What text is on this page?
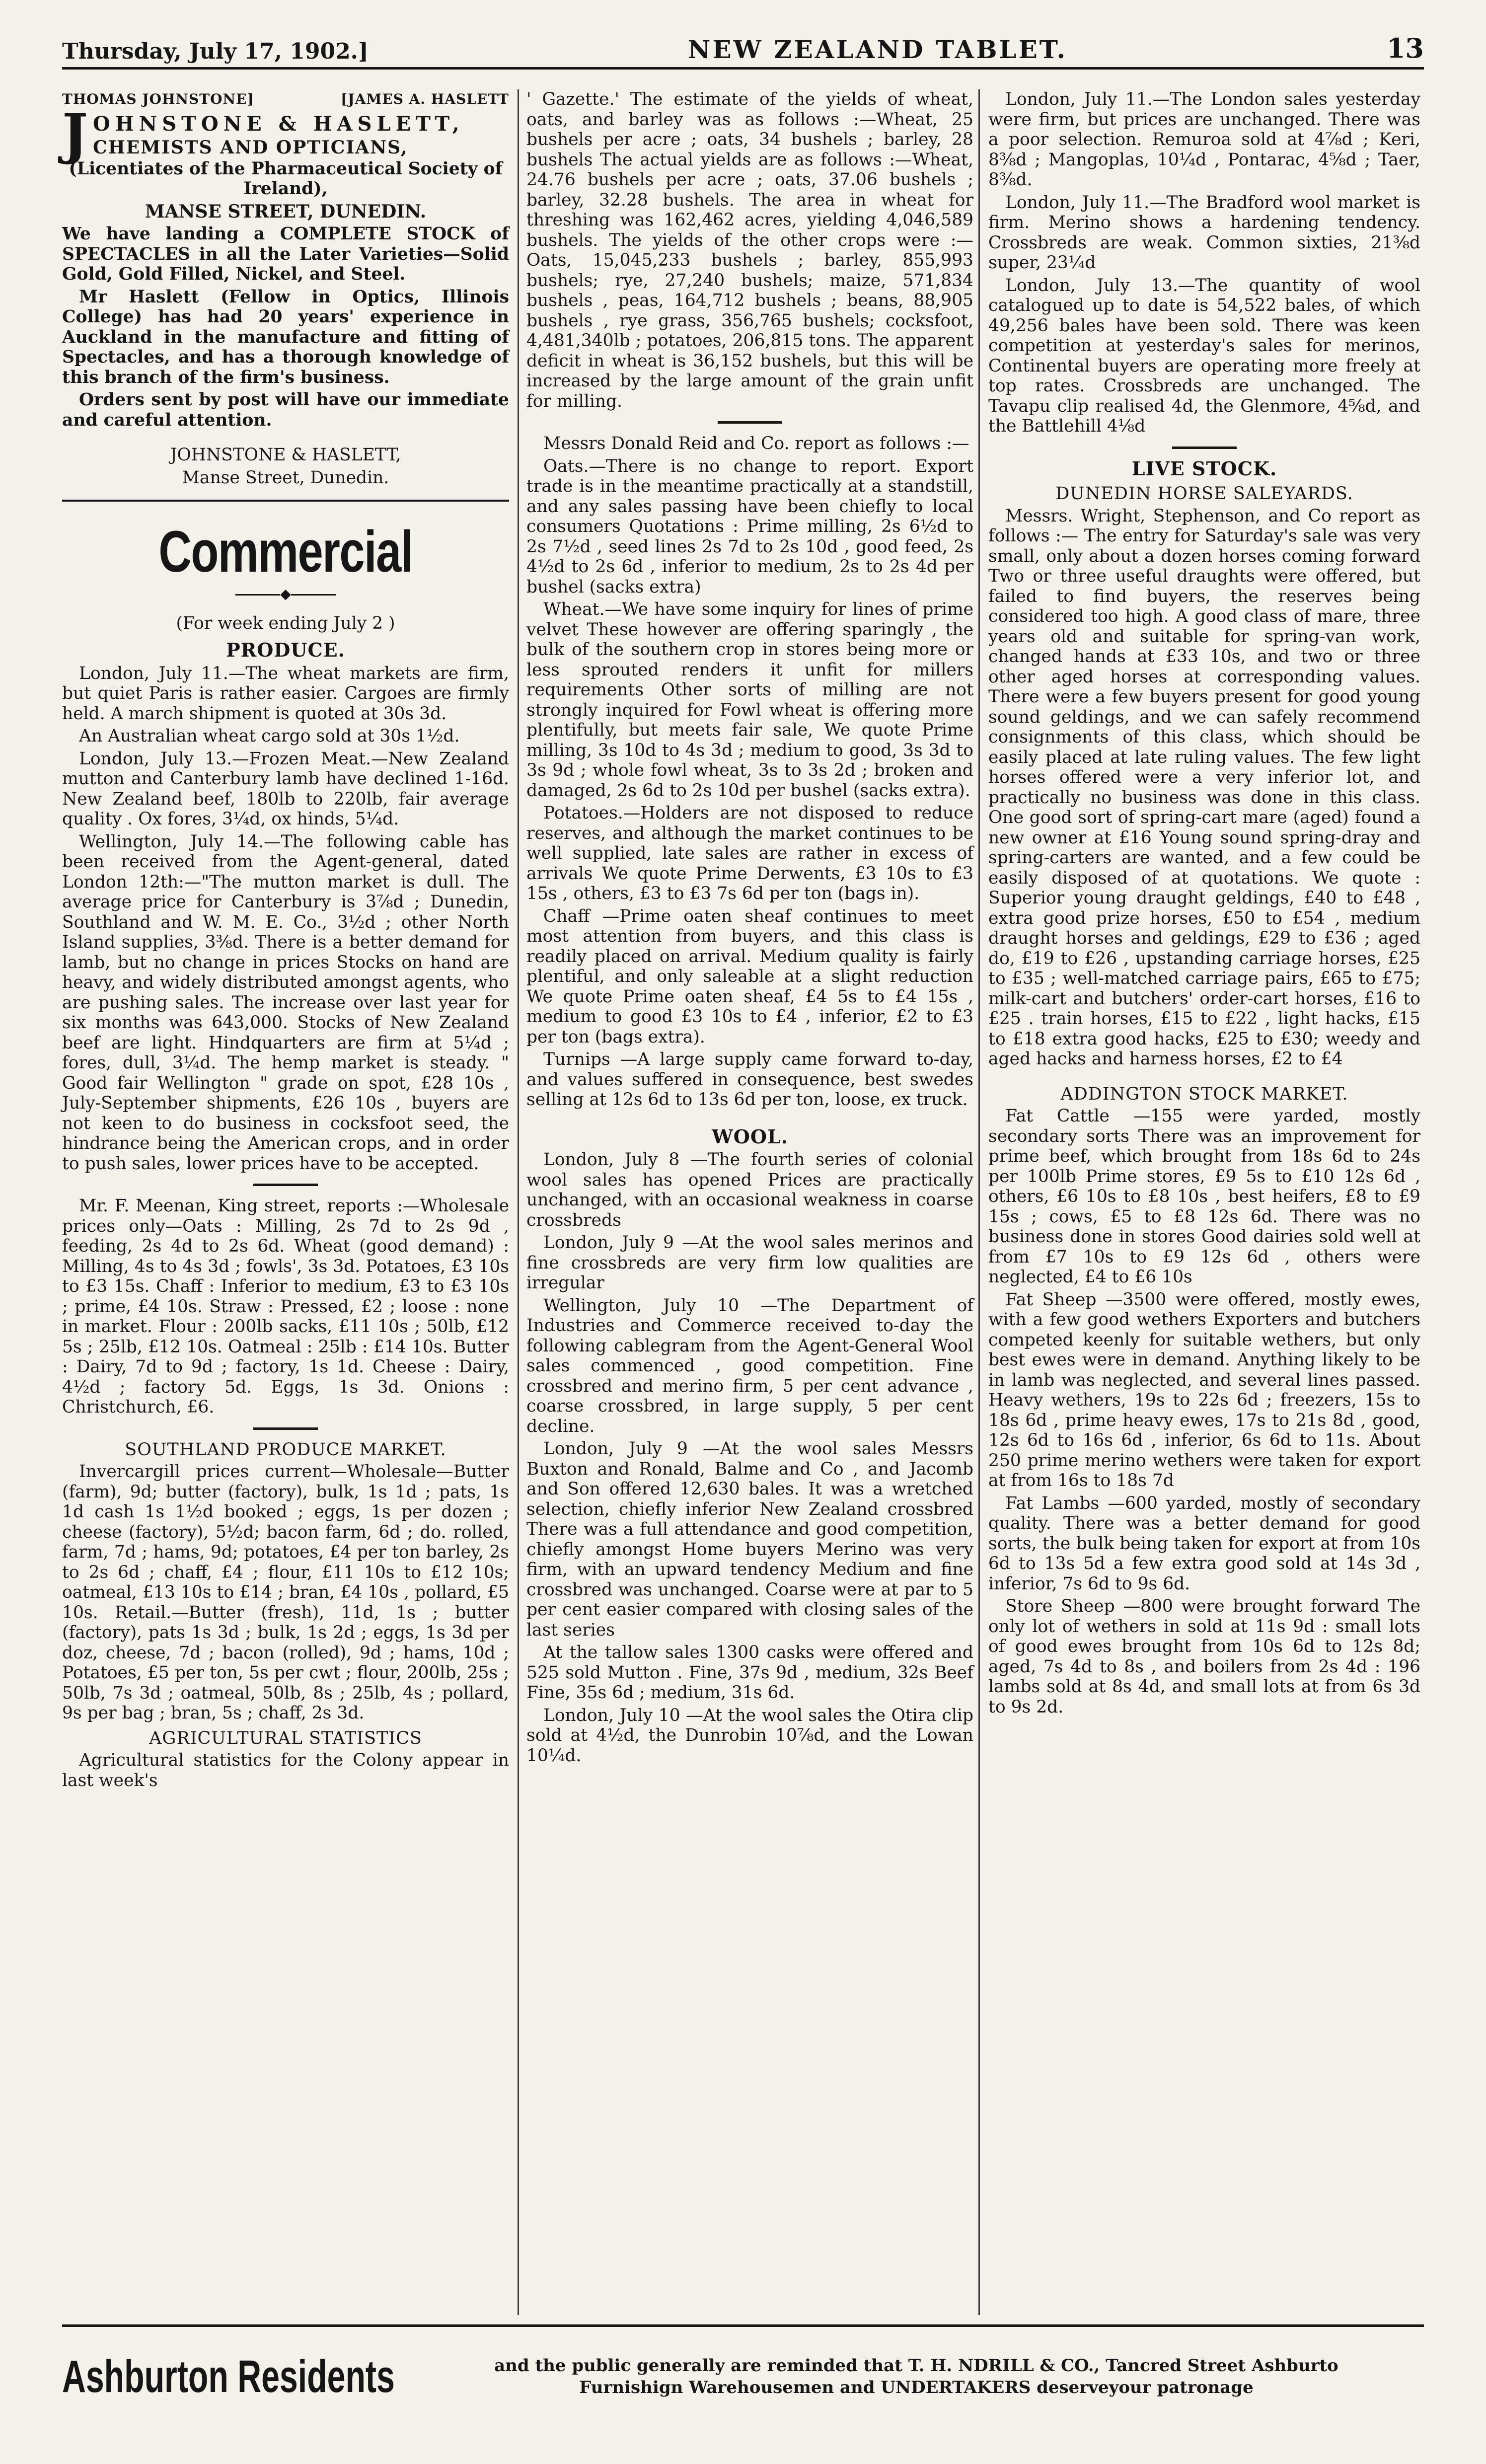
Thursday, July 17, 1902.]	NEW ZEALAND TABLET.	13
THOMAS JOHNSTONE]	[JAMES A. HASLETT
J OHNSTONE & HASLETT,
CHEMISTS AND OPTICIANS,

(Licentiates of the Pharmaceutical Society of Ireland),

MANSE STREET, DUNEDIN.

We have landing a COMPLETE STOCK of SPECTACLES in all the Later Varieties—Solid Gold, Gold Filled, Nickel, and Steel.

Mr Haslett (Fellow in Optics, Illinois College) has had 20 years' experience in Auckland in the manufacture and fitting of Spectacles, and has a thorough knowledge of this branch of the firm's business.

Orders sent by post will have our immediate and careful attention.

JOHNSTONE & HASLETT,

Manse Street, Dunedin.

Commercial
◆

(For week ending July 2 )

PRODUCE.

London, July 11.—The wheat markets are firm, but quiet Paris is rather easier. Cargoes are firmly held. A march shipment is quoted at 30s 3d.

An Australian wheat cargo sold at 30s 1½d.

London, July 13.—Frozen Meat.—New Zealand mutton and Canterbury lamb have declined 1-16d. New Zealand beef, 180lb to 220lb, fair average quality . Ox fores, 3¼d, ox hinds, 5¼d.

Wellington, July 14.—The following cable has been received from the Agent-general, dated London 12th:—"The mutton market is dull. The average price for Canterbury is 3⅞d ; Dunedin, Southland and W. M. E. Co., 3½d ; other North Island supplies, 3⅜d. There is a better demand for lamb, but no change in prices Stocks on hand are heavy, and widely distributed amongst agents, who are pushing sales. The increase over last year for six months was 643,000. Stocks of New Zealand beef are light. Hindquarters are firm at 5¼d ; fores, dull, 3¼d. The hemp market is steady. " Good fair Wellington " grade on spot, £28 10s , July-September shipments, £26 10s , buyers are not keen to do business in cocksfoot seed, the hindrance being the American crops, and in order to push sales, lower prices have to be accepted.

Mr. F. Meenan, King street, reports :—Wholesale prices only—Oats : Milling, 2s 7d to 2s 9d , feeding, 2s 4d to 2s 6d. Wheat (good demand) : Milling, 4s to 4s 3d ; fowls', 3s 3d. Potatoes, £3 10s to £3 15s. Chaff : Inferior to medium, £3 to £3 10s ; prime, £4 10s. Straw : Pressed, £2 ; loose : none in market. Flour : 200lb sacks, £11 10s ; 50lb, £12 5s ; 25lb, £12 10s. Oatmeal : 25lb : £14 10s. Butter : Dairy, 7d to 9d ; factory, 1s 1d. Cheese : Dairy, 4½d ; factory 5d. Eggs, 1s 3d. Onions : Christchurch, £6.

SOUTHLAND PRODUCE MARKET.

Invercargill prices current—Wholesale—Butter (farm), 9d; butter (factory), bulk, 1s 1d ; pats, 1s 1d cash 1s 1½d booked ; eggs, 1s per dozen ; cheese (factory), 5½d; bacon farm, 6d ; do. rolled, farm, 7d ; hams, 9d; potatoes, £4 per ton barley, 2s to 2s 6d ; chaff, £4 ; flour, £11 10s to £12 10s; oatmeal, £13 10s to £14 ; bran, £4 10s , pollard, £5 10s. Retail.—Butter (fresh), 11d, 1s ; butter (factory), pats 1s 3d ; bulk, 1s 2d ; eggs, 1s 3d per doz, cheese, 7d ; bacon (rolled), 9d ; hams, 10d ; Potatoes, £5 per ton, 5s per cwt ; flour, 200lb, 25s ; 50lb, 7s 3d ; oatmeal, 50lb, 8s ; 25lb, 4s ; pollard, 9s per bag ; bran, 5s ; chaff, 2s 3d.

AGRICULTURAL STATISTICS

Agricultural statistics for the Colony appear in last week's

' Gazette.' The estimate of the yields of wheat, oats, and barley was as follows :—Wheat, 25 bushels per acre ; oats, 34 bushels ; barley, 28 bushels The actual yields are as follows :—Wheat, 24.76 bushels per acre ; oats, 37.06 bushels ; barley, 32.28 bushels. The area in wheat for threshing was 162,462 acres, yielding 4,046,589 bushels. The yields of the other crops were :—Oats, 15,045,233 bushels ; barley, 855,993 bushels; rye, 27,240 bushels; maize, 571,834 bushels , peas, 164,712 bushels ; beans, 88,905 bushels , rye grass, 356,765 bushels; cocksfoot, 4,481,340lb ; potatoes, 206,815 tons. The apparent deficit in wheat is 36,152 bushels, but this will be increased by the large amount of the grain unfit for milling.

Messrs Donald Reid and Co. report as follows :—

Oats.—There is no change to report. Export trade is in the meantime practically at a standstill, and any sales passing have been chiefly to local consumers Quotations : Prime milling, 2s 6½d to 2s 7½d , seed lines 2s 7d to 2s 10d , good feed, 2s 4½d to 2s 6d , inferior to medium, 2s to 2s 4d per bushel (sacks extra)

Wheat.—We have some inquiry for lines of prime velvet These however are offering sparingly , the bulk of the southern crop in stores being more or less sprouted renders it unfit for millers requirements Other sorts of milling are not strongly inquired for Fowl wheat is offering more plentifully, but meets fair sale, We quote Prime milling, 3s 10d to 4s 3d ; medium to good, 3s 3d to 3s 9d ; whole fowl wheat, 3s to 3s 2d ; broken and damaged, 2s 6d to 2s 10d per bushel (sacks extra).

Potatoes.—Holders are not disposed to reduce reserves, and although the market continues to be well supplied, late sales are rather in excess of arrivals We quote Prime Derwents, £3 10s to £3 15s , others, £3 to £3 7s 6d per ton (bags in).

Chaff —Prime oaten sheaf continues to meet most attention from buyers, and this class is readily placed on arrival. Medium quality is fairly plentiful, and only saleable at a slight reduction We quote Prime oaten sheaf, £4 5s to £4 15s , medium to good £3 10s to £4 , inferior, £2 to £3 per ton (bags extra).

Turnips —A large supply came forward to-day, and values suffered in consequence, best swedes selling at 12s 6d to 13s 6d per ton, loose, ex truck.

WOOL.

London, July 8 —The fourth series of colonial wool sales has opened Prices are practically unchanged, with an occasional weakness in coarse crossbreds

London, July 9 —At the wool sales merinos and fine crossbreds are very firm low qualities are irregular

Wellington, July 10 —The Department of Industries and Commerce received to-day the following cablegram from the Agent-General Wool sales commenced , good competition. Fine crossbred and merino firm, 5 per cent advance , coarse crossbred, in large supply, 5 per cent decline.

London, July 9 —At the wool sales Messrs Buxton and Ronald, Balme and Co , and Jacomb and Son offered 12,630 bales. It was a wretched selection, chiefly inferior New Zealand crossbred There was a full attendance and good competition, chiefly amongst Home buyers Merino was very firm, with an upward tendency Medium and fine crossbred was unchanged. Coarse were at par to 5 per cent easier compared with closing sales of the last series

At the tallow sales 1300 casks were offered and 525 sold Mutton . Fine, 37s 9d , medium, 32s Beef Fine, 35s 6d ; medium, 31s 6d.

London, July 10 —At the wool sales the Otira clip sold at 4½d, the Dunrobin 10⅞d, and the Lowan 10¼d.

London, July 11.—The London sales yesterday were firm, but prices are unchanged. There was a poor selection. Remuroa sold at 4⅞d ; Keri, 8⅜d ; Mangoplas, 10¼d , Pontarac, 4⅝d ; Taer, 8⅜d.

London, July 11.—The Bradford wool market is firm. Merino shows a hardening tendency. Crossbreds are weak. Common sixties, 21⅜d super, 23¼d

London, July 13.—The quantity of wool catalogued up to date is 54,522 bales, of which 49,256 bales have been sold. There was keen competition at yesterday's sales for merinos, Continental buyers are operating more freely at top rates. Crossbreds are unchanged. The Tavapu clip realised 4d, the Glenmore, 4⅝d, and the Battlehill 4⅛d

LIVE STOCK.
DUNEDIN HORSE SALEYARDS.

Messrs. Wright, Stephenson, and Co report as follows :— The entry for Saturday's sale was very small, only about a dozen horses coming forward Two or three useful draughts were offered, but failed to find buyers, the reserves being considered too high. A good class of mare, three years old and suitable for spring-van work, changed hands at £33 10s, and two or three other aged horses at corresponding values. There were a few buyers present for good young sound geldings, and we can safely recommend consignments of this class, which should be easily placed at late ruling values. The few light horses offered were a very inferior lot, and practically no business was done in this class. One good sort of spring-cart mare (aged) found a new owner at £16 Young sound spring-dray and spring-carters are wanted, and a few could be easily disposed of at quotations. We quote : Superior young draught geldings, £40 to £48 , extra good prize horses, £50 to £54 , medium draught horses and geldings, £29 to £36 ; aged do, £19 to £26 , upstanding carriage horses, £25 to £35 ; well-matched carriage pairs, £65 to £75; milk-cart and butchers' order-cart horses, £16 to £25 . train horses, £15 to £22 , light hacks, £15 to £18 extra good hacks, £25 to £30; weedy and aged hacks and harness horses, £2 to £4

ADDINGTON STOCK MARKET.

Fat Cattle —155 were yarded, mostly secondary sorts There was an improvement for prime beef, which brought from 18s 6d to 24s per 100lb Prime stores, £9 5s to £10 12s 6d , others, £6 10s to £8 10s , best heifers, £8 to £9 15s ; cows, £5 to £8 12s 6d. There was no business done in stores Good dairies sold well at from £7 10s to £9 12s 6d , others were neglected, £4 to £6 10s

Fat Sheep —3500 were offered, mostly ewes, with a few good wethers Exporters and butchers competed keenly for suitable wethers, but only best ewes were in demand. Anything likely to be in lamb was neglected, and several lines passed. Heavy wethers, 19s to 22s 6d ; freezers, 15s to 18s 6d , prime heavy ewes, 17s to 21s 8d , good, 12s 6d to 16s 6d , inferior, 6s 6d to 11s. About 250 prime merino wethers were taken for export at from 16s to 18s 7d

Fat Lambs —600 yarded, mostly of secondary quality. There was a better demand for good sorts, the bulk being taken for export at from 10s 6d to 13s 5d a few extra good sold at 14s 3d , inferior, 7s 6d to 9s 6d.

Store Sheep —800 were brought forward The only lot of wethers in sold at 11s 9d : small lots of good ewes brought from 10s 6d to 12s 8d; aged, 7s 4d to 8s , and boilers from 2s 4d : 196 lambs sold at 8s 4d, and small lots at from 6s 3d to 9s 2d.

Ashburton Residents	and the public generally are reminded that T. H. NDRILL & CO., Tancred Street Ashburto
Furnishign Warehousemen and UNDERTAKERS deserveyour patronage
